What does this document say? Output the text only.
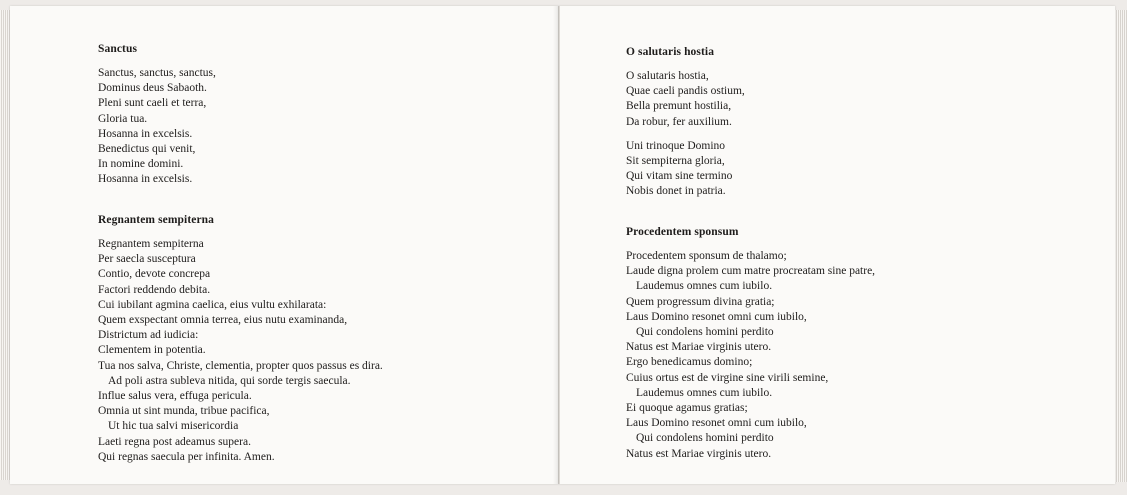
Sanctus
Sanctus, sanctus, sanctus,
Dominus deus Sabaoth.
Pleni sunt caeli et terra,
Gloria tua.
Hosanna in excelsis.
Benedictus qui venit,
In nomine domini.
Hosanna in excelsis.
Regnantem sempiterna
Regnantem sempiterna
Per saecla susceptura
Contio, devote concrepa
Factori reddendo debita.
Cui iubilant agmina caelica, eius vultu exhilarata:
Quem exspectant omnia terrea, eius nutu examinanda,
Districtum ad iudicia:
Clementem in potentia.
Tua nos salva, Christe, clementia, propter quos passus es dira.
Ad poli astra subleva nitida, qui sorde tergis saecula.
Influe salus vera, effuga pericula.
Omnia ut sint munda, tribue pacifica,
Ut hic tua salvi misericordia
Laeti regna post adeamus supera.
Qui regnas saecula per infinita. Amen.
O salutaris hostia
O salutaris hostia,
Quae caeli pandis ostium,
Bella premunt hostilia,
Da robur, fer auxilium.
Uni trinoque Domino
Sit sempiterna gloria,
Qui vitam sine termino
Nobis donet in patria.
Procedentem sponsum
Procedentem sponsum de thalamo;
Laude digna prolem cum matre procreatam sine patre,
Laudemus omnes cum iubilo.
Quem progressum divina gratia;
Laus Domino resonet omni cum iubilo,
Qui condolens homini perdito
Natus est Mariae virginis utero.
Ergo benedicamus domino;
Cuius ortus est de virgine sine virili semine,
Laudemus omnes cum iubilo.
Ei quoque agamus gratias;
Laus Domino resonet omni cum iubilo,
Qui condolens homini perdito
Natus est Mariae virginis utero.
